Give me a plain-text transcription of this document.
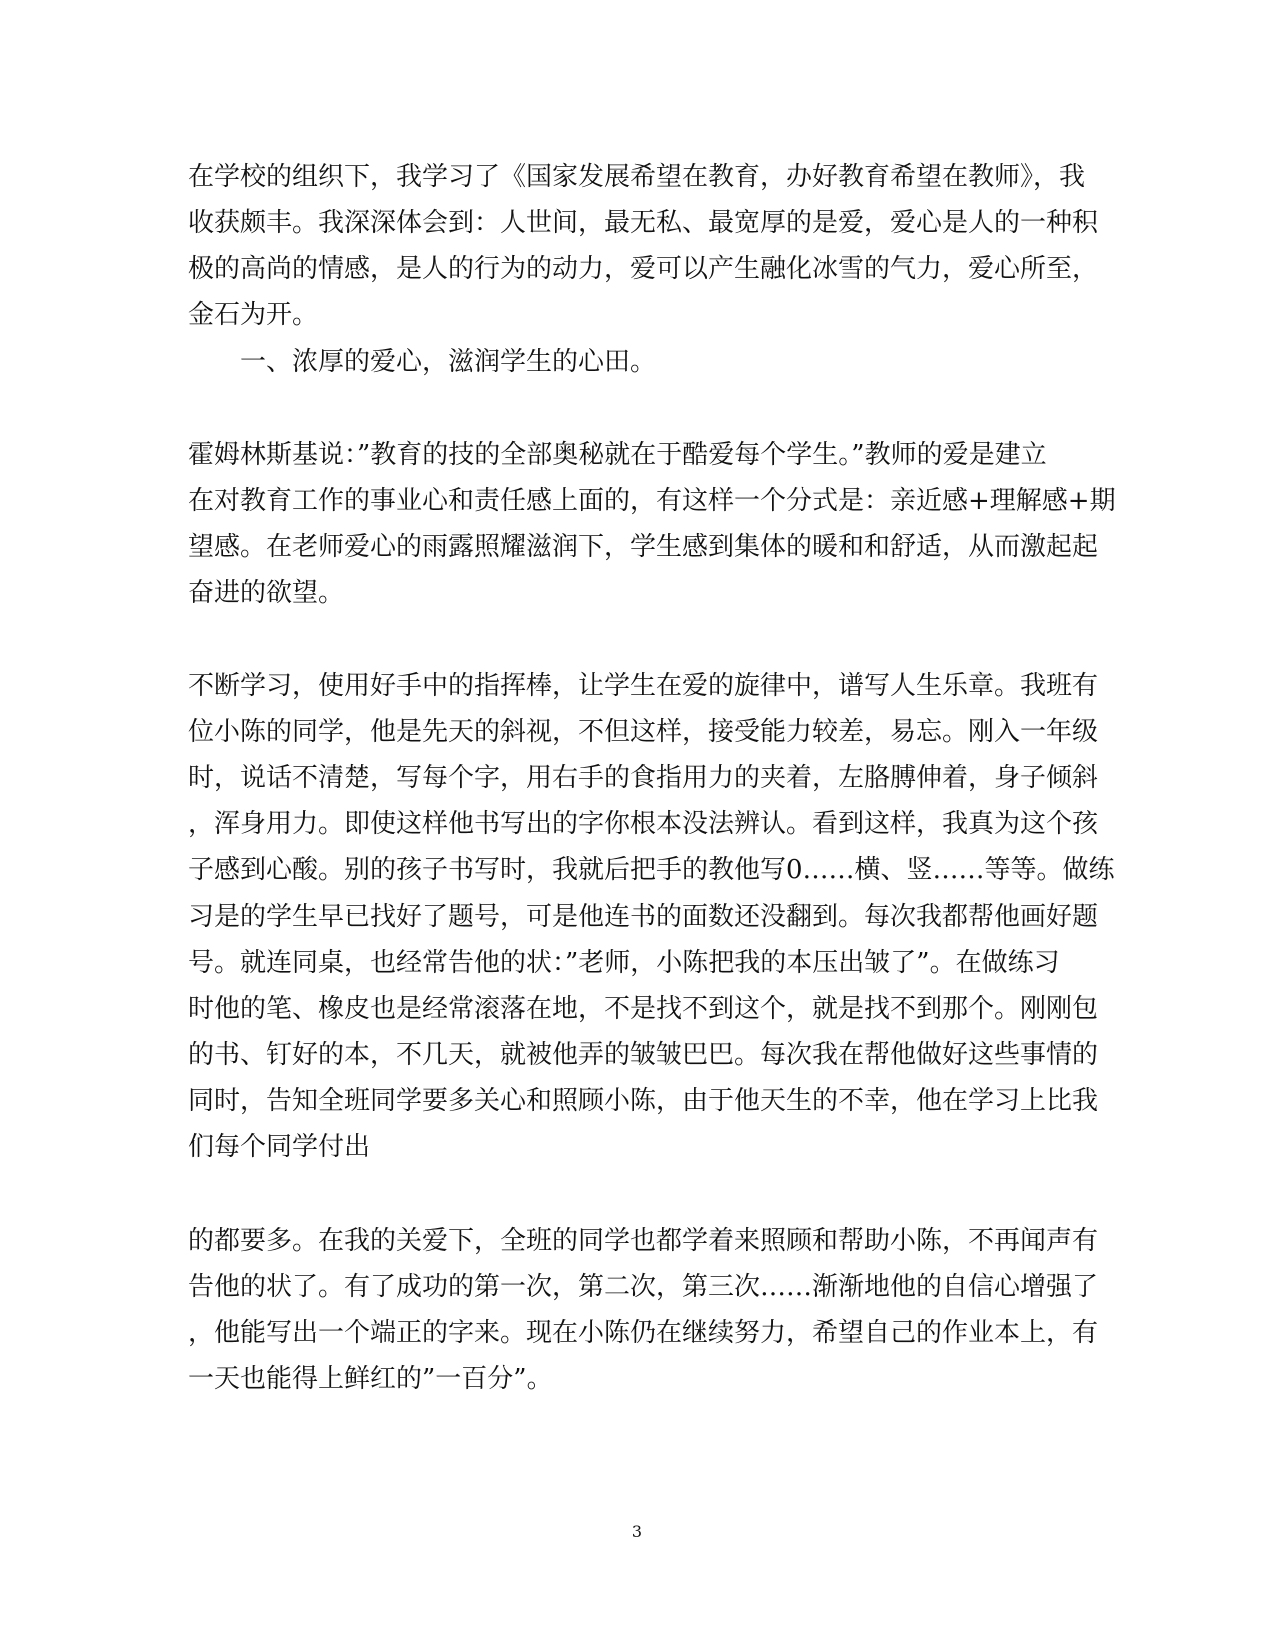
在学校的组织下，我学习了《国家发展希望在教育，办好教育希望在教师》，我
收获颇丰。我深深体会到：人世间，最无私、最宽厚的是爱，爱心是人的一种积
极的高尚的情感，是人的行为的动力，爱可以产生融化冰雪的气力，爱心所至，
金石为开。
一、浓厚的爱心，滋润学生的心田。
霍姆林斯基说：”教育的技的全部奥秘就在于酷爱每个学生。”教师的爱是建立
在对教育工作的事业心和责任感上面的，有这样一个分式是：亲近感+理解感+期
望感。在老师爱心的雨露照耀滋润下，学生感到集体的暖和和舒适，从而激起起
奋进的欲望。
不断学习，使用好手中的指挥棒，让学生在爱的旋律中，谱写人生乐章。我班有
位小陈的同学，他是先天的斜视，不但这样，接受能力较差，易忘。刚入一年级
时，说话不清楚，写每个字，用右手的食指用力的夹着，左胳膊伸着，身子倾斜
，浑身用力。即使这样他书写出的字你根本没法辨认。看到这样，我真为这个孩
子感到心酸。别的孩子书写时，我就后把手的教他写0……横、竖……等等。做练
习是的学生早已找好了题号，可是他连书的面数还没翻到。每次我都帮他画好题
号。就连同桌，也经常告他的状：”老师，小陈把我的本压出皱了”。在做练习
时他的笔、橡皮也是经常滚落在地，不是找不到这个，就是找不到那个。刚刚包
的书、钉好的本，不几天，就被他弄的皱皱巴巴。每次我在帮他做好这些事情的
同时，告知全班同学要多关心和照顾小陈，由于他天生的不幸，他在学习上比我
们每个同学付出
的都要多。在我的关爱下，全班的同学也都学着来照顾和帮助小陈，不再闻声有
告他的状了。有了成功的第一次，第二次，第三次……渐渐地他的自信心增强了
，他能写出一个端正的字来。现在小陈仍在继续努力，希望自己的作业本上，有
一天也能得上鲜红的”一百分”。
3
